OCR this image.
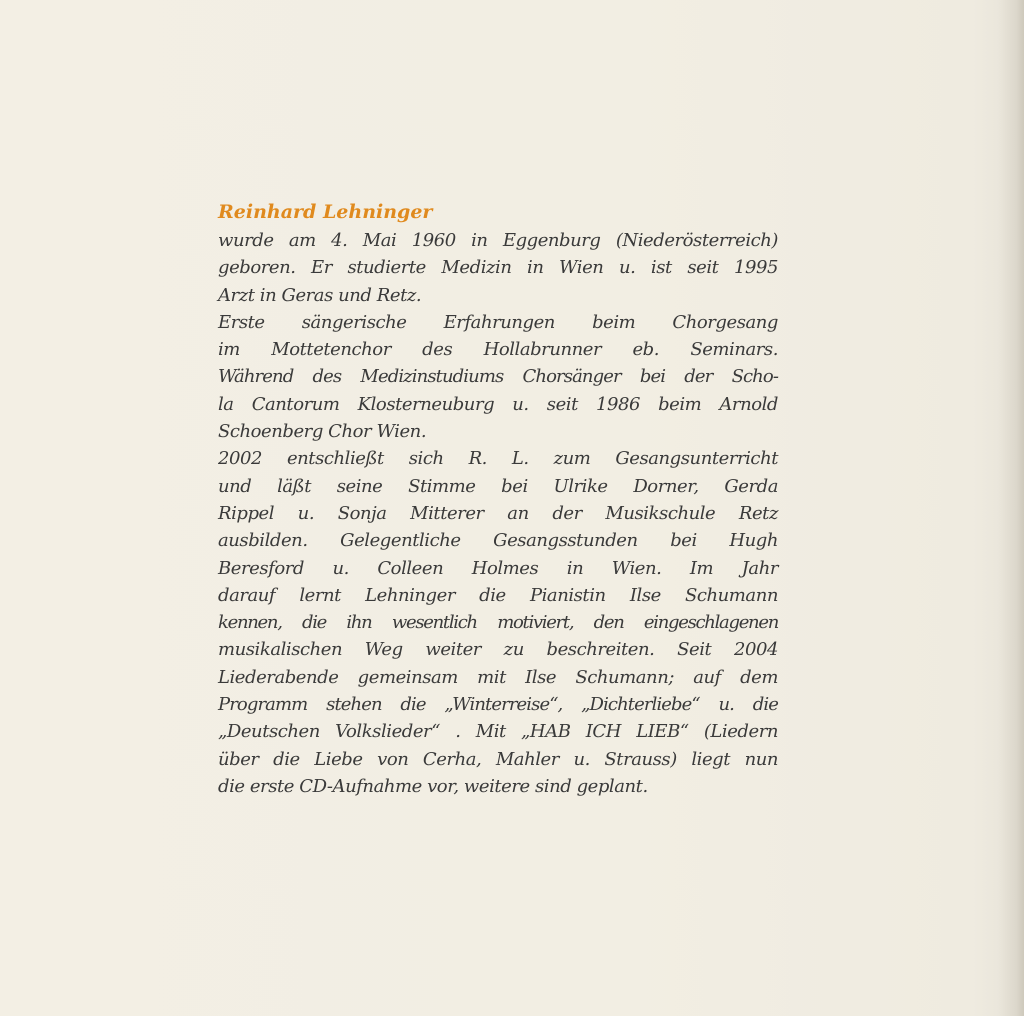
Reinhard Lehninger
wurde am 4. Mai 1960 in Eggenburg (Niederösterreich)
geboren. Er studierte Medizin in Wien u. ist seit 1995
Arzt in Geras und Retz.
Erste sängerische Erfahrungen beim Chorgesang
im Mottetenchor des Hollabrunner eb. Seminars.
Während des Medizinstudiums Chorsänger bei der Scho-
la Cantorum Klosterneuburg u. seit 1986 beim Arnold
Schoenberg Chor Wien.
2002 entschließt sich R. L. zum Gesangsunterricht
und läßt seine Stimme bei Ulrike Dorner, Gerda
Rippel u. Sonja Mitterer an der Musikschule Retz
ausbilden. Gelegentliche Gesangsstunden bei Hugh
Beresford u. Colleen Holmes in Wien. Im Jahr
darauf lernt Lehninger die Pianistin Ilse Schumann
kennen, die ihn wesentlich motiviert, den eingeschlagenen
musikalischen Weg weiter zu beschreiten. Seit 2004
Liederabende gemeinsam mit Ilse Schumann; auf dem
Programm stehen die „Winterreise“, „Dichterliebe“ u. die
„Deutschen Volkslieder“ . Mit „HAB ICH LIEB“ (Liedern
über die Liebe von Cerha, Mahler u. Strauss) liegt nun
die erste CD-Aufnahme vor, weitere sind geplant.
